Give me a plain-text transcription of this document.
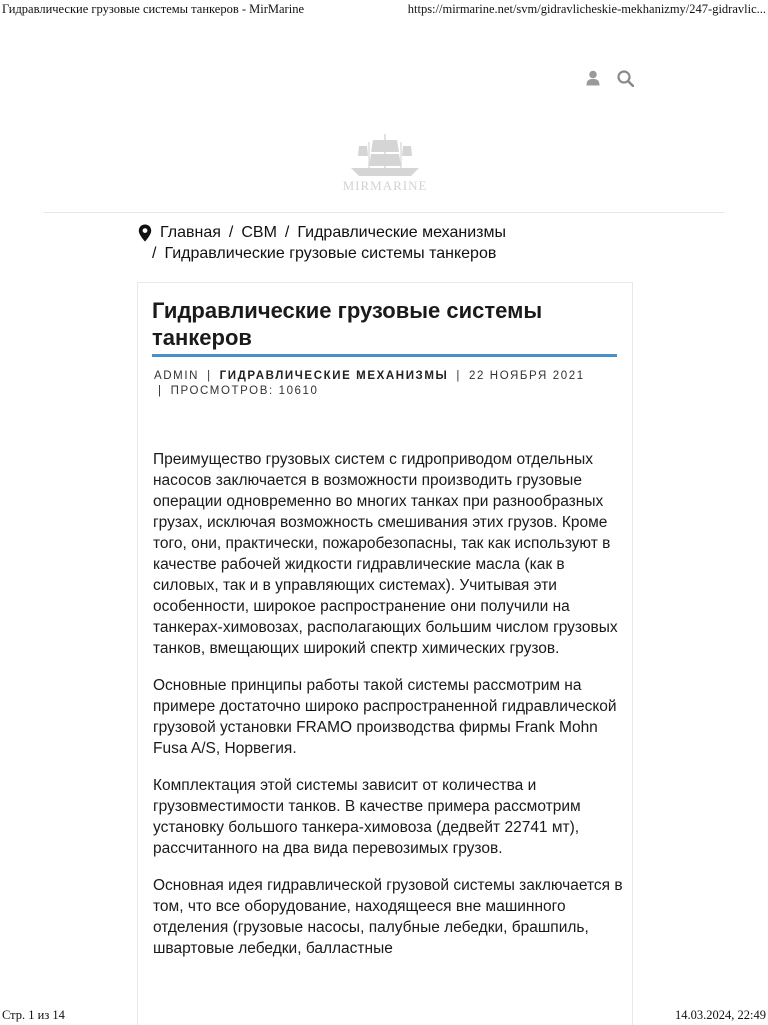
Гидравлические грузовые системы танкеров - MirMarine	https://mirmarine.net/svm/gidravlicheskie-mekhanizmy/247-gidravlic...
MIRMARINE
Главная / СВМ / Гидравлические механизмы
/ Гидравлические грузовые системы танкеров
Гидравлические грузовые системы танкеров
ADMIN | ГИДРАВЛИЧЕСКИЕ МЕХАНИЗМЫ | 22 НОЯБРЯ 2021
| ПРОСМОТРОВ: 10610

Преимущество грузовых систем с гидроприводом отдельных насосов заключается в возможности производить грузовые операции одновременно во многих танках при разнообразных грузах, исключая возможность смешивания этих грузов. Кроме того, они, практически, пожаробезопасны, так как используют в качестве рабочей жидкости гидравлические масла (как в силовых, так и в управляющих системах). Учитывая эти особенности, широкое распространение они получили на танкерах-химовозах, располагающих большим числом грузовых танков, вмещающих широкий спектр химических грузов.

Основные принципы работы такой системы рассмотрим на примере достаточно широко распространенной гидравлической грузовой установки FRAMO производства фирмы Frank Mohn Fusa A/S, Норвегия.

Комплектация этой системы зависит от количества и грузовместимости танков. В качестве примера рассмотрим установку большого танкера-химовоза (дедвейт 22741 мт), рассчитанного на два вида перевозимых грузов.

Основная идея гидравлической грузовой системы заключается в том, что все оборудование, находящееся вне машинного отделения (грузовые насосы, палубные лебедки, брашпиль, швартовые лебедки, балластные

Стр. 1 из 14	14.03.2024, 22:49
